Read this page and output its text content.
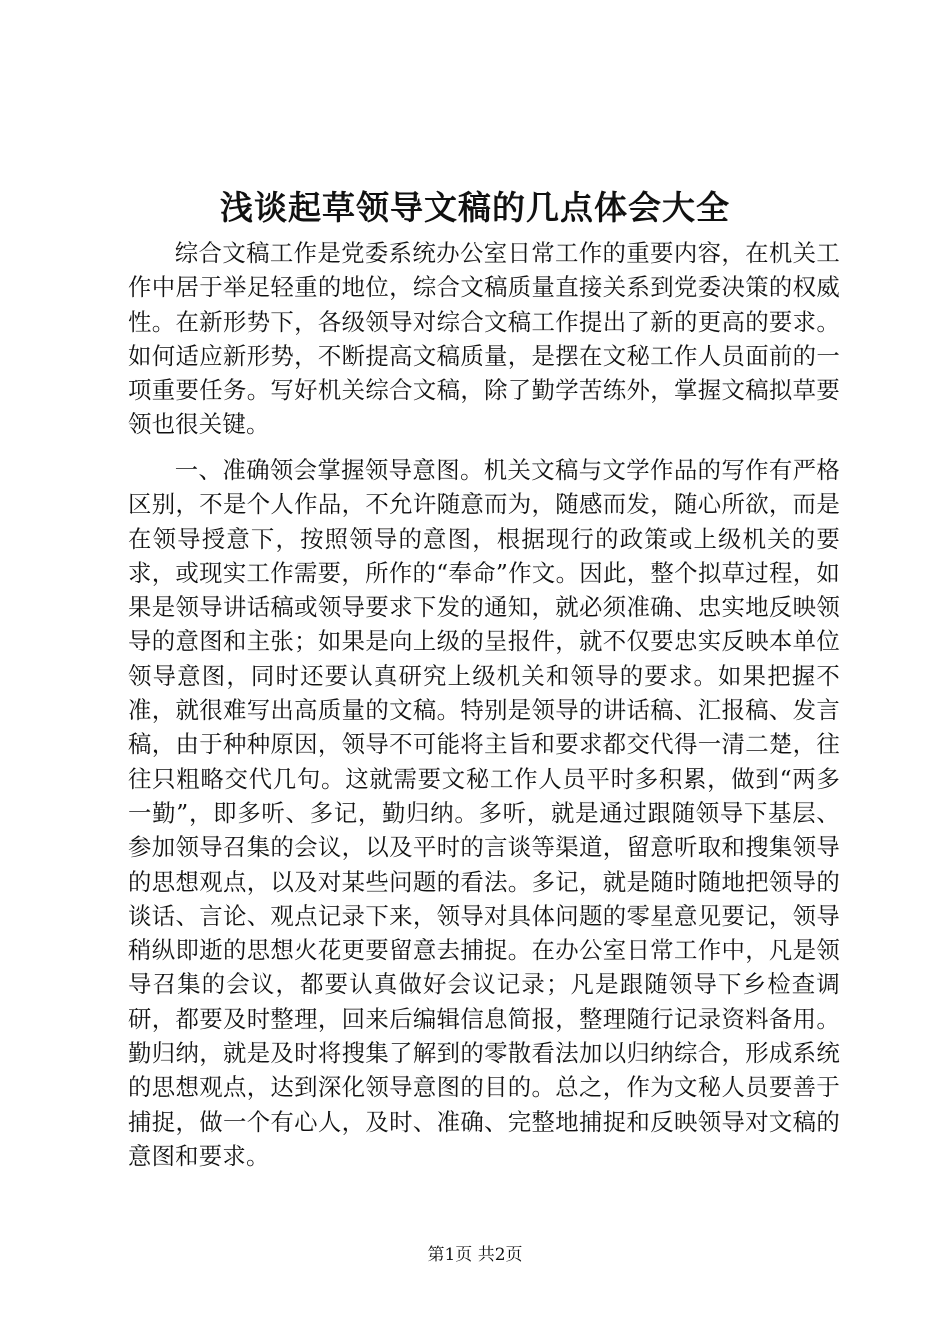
浅谈起草领导文稿的几点体会大全

综合文稿工作是党委系统办公室日常工作的重要内容，在机关工作中居于举足轻重的地位，综合文稿质量直接关系到党委决策的权威性。在新形势下，各级领导对综合文稿工作提出了新的更高的要求。如何适应新形势，不断提高文稿质量，是摆在文秘工作人员面前的一项重要任务。写好机关综合文稿，除了勤学苦练外，掌握文稿拟草要领也很关键。

一、准确领会掌握领导意图。机关文稿与文学作品的写作有严格区别，不是个人作品，不允许随意而为，随感而发，随心所欲，而是在领导授意下，按照领导的意图，根据现行的政策或上级机关的要求，或现实工作需要，所作的“奉命”作文。因此，整个拟草过程，如果是领导讲话稿或领导要求下发的通知，就必须准确、忠实地反映领导的意图和主张；如果是向上级的呈报件，就不仅要忠实反映本单位领导意图，同时还要认真研究上级机关和领导的要求。如果把握不准，就很难写出高质量的文稿。特别是领导的讲话稿、汇报稿、发言稿，由于种种原因，领导不可能将主旨和要求都交代得一清二楚，往往只粗略交代几句。这就需要文秘工作人员平时多积累，做到“两多一勤”，即多听、多记，勤归纳。多听，就是通过跟随领导下基层、参加领导召集的会议，以及平时的言谈等渠道，留意听取和搜集领导的思想观点，以及对某些问题的看法。多记，就是随时随地把领导的谈话、言论、观点记录下来，领导对具体问题的零星意见要记，领导稍纵即逝的思想火花更要留意去捕捉。在办公室日常工作中，凡是领导召集的会议，都要认真做好会议记录；凡是跟随领导下乡检查调研，都要及时整理，回来后编辑信息简报，整理随行记录资料备用。勤归纳，就是及时将搜集了解到的零散看法加以归纳综合，形成系统的思想观点，达到深化领导意图的目的。总之，作为文秘人员要善于捕捉，做一个有心人，及时、准确、完整地捕捉和反映领导对文稿的意图和要求。

第1页 共2页
